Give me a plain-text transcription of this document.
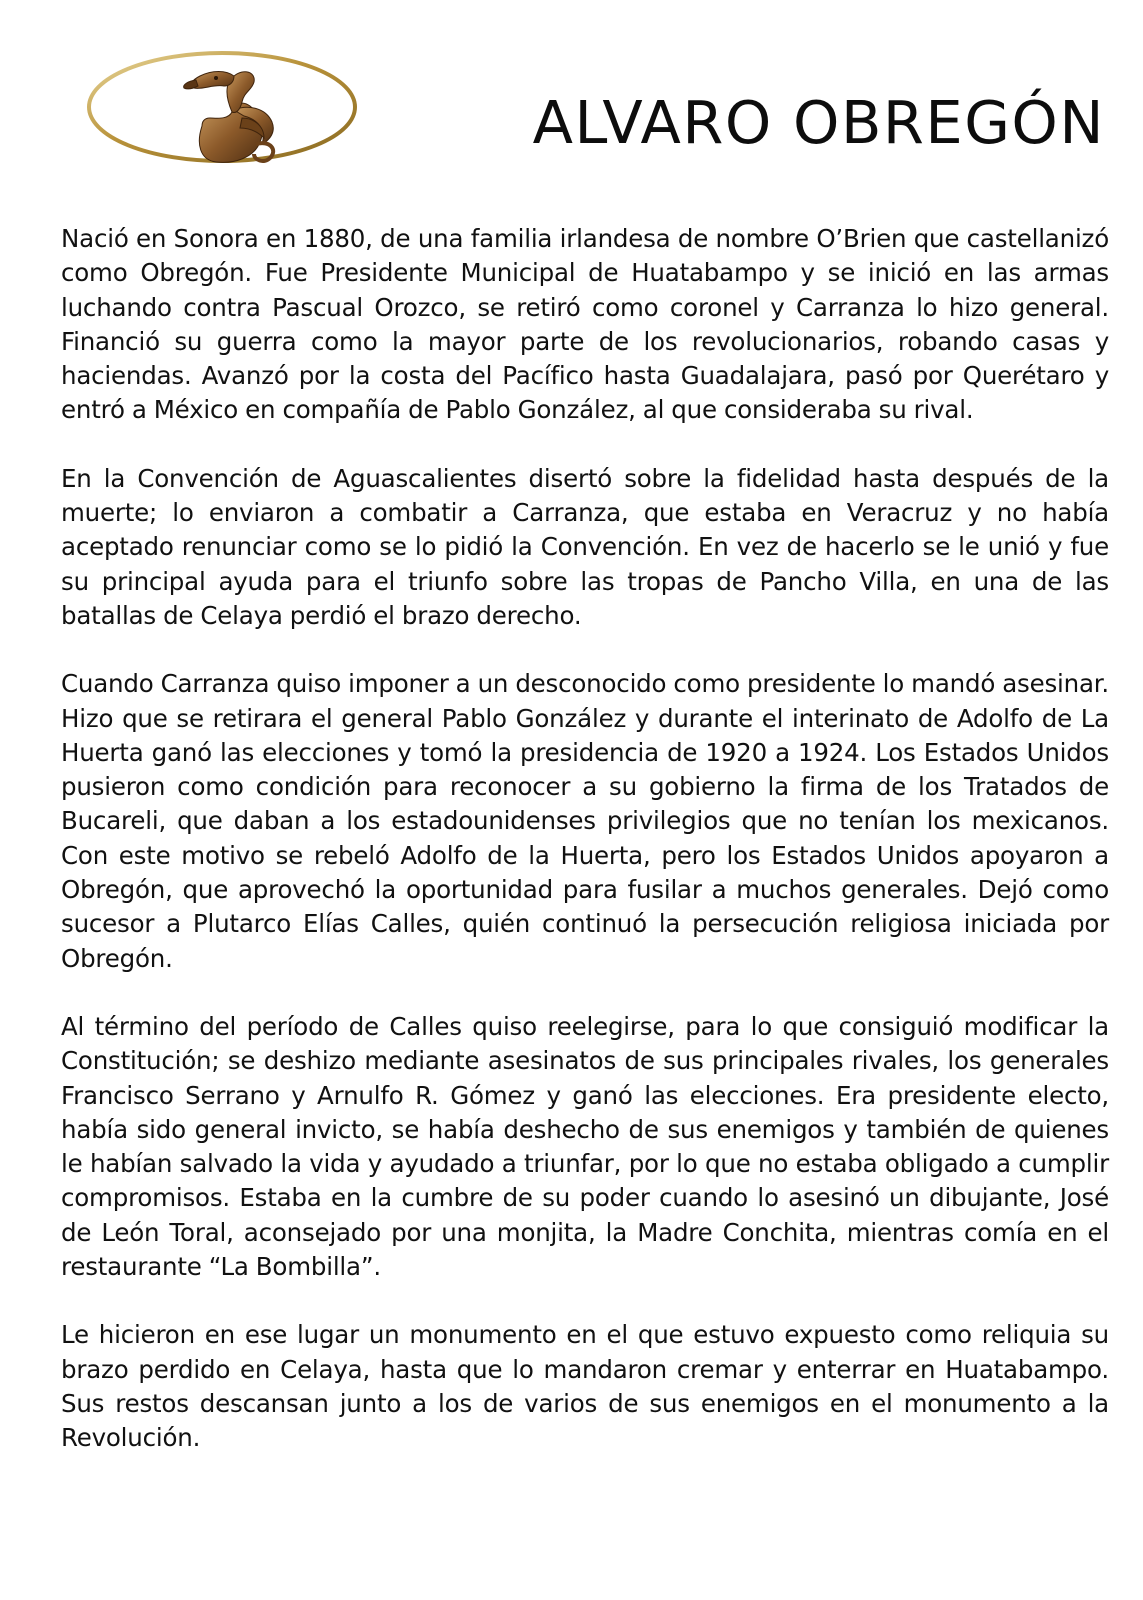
ALVARO OBREGÓN

Nació en Sonora en 1880, de una familia irlandesa de nombre O’Brien que castellanizó como Obregón. Fue Presidente Municipal de Huatabampo y se inició en las armas luchando contra Pascual Orozco, se retiró como coronel y Carranza lo hizo general. Financió su guerra como la mayor parte de los revolucionarios, robando casas y haciendas. Avanzó por la costa del Pacífico hasta Guadalajara, pasó por Querétaro y entró a México en compañía de Pablo González, al que consideraba su rival.

En la Convención de Aguascalientes disertó sobre la fidelidad hasta después de la muerte; lo enviaron a combatir a Carranza, que estaba en Veracruz y no había aceptado renunciar como se lo pidió la Convención. En vez de hacerlo se le unió y fue su principal ayuda para el triunfo sobre las tropas de Pancho Villa, en una de las batallas de Celaya perdió el brazo derecho.

Cuando Carranza quiso imponer a un desconocido como presidente lo mandó asesinar. Hizo que se retirara el general Pablo González y durante el interinato de Adolfo de La Huerta ganó las elecciones y tomó la presidencia de 1920 a 1924. Los Estados Unidos pusieron como condición para reconocer a su gobierno la firma de los Tratados de Bucareli, que daban a los estadounidenses privilegios que no tenían los mexicanos. Con este motivo se rebeló Adolfo de la Huerta, pero los Estados Unidos apoyaron a Obregón, que aprovechó la oportunidad para fusilar a muchos generales. Dejó como sucesor a Plutarco Elías Calles, quién continuó la persecución religiosa iniciada por Obregón.

Al término del período de Calles quiso reelegirse, para lo que consiguió modificar la Constitución; se deshizo mediante asesinatos de sus principales rivales, los generales Francisco Serrano y Arnulfo R. Gómez y ganó las elecciones. Era presidente electo, había sido general invicto, se había deshecho de sus enemigos y también de quienes le habían salvado la vida y ayudado a triunfar, por lo que no estaba obligado a cumplir compromisos. Estaba en la cumbre de su poder cuando lo asesinó un dibujante, José de León Toral, aconsejado por una monjita, la Madre Conchita, mientras comía en el restaurante “La Bombilla”.

Le hicieron en ese lugar un monumento en el que estuvo expuesto como reliquia su brazo perdido en Celaya, hasta que lo mandaron cremar y enterrar en Huatabampo. Sus restos descansan junto a los de varios de sus enemigos en el monumento a la Revolución.
